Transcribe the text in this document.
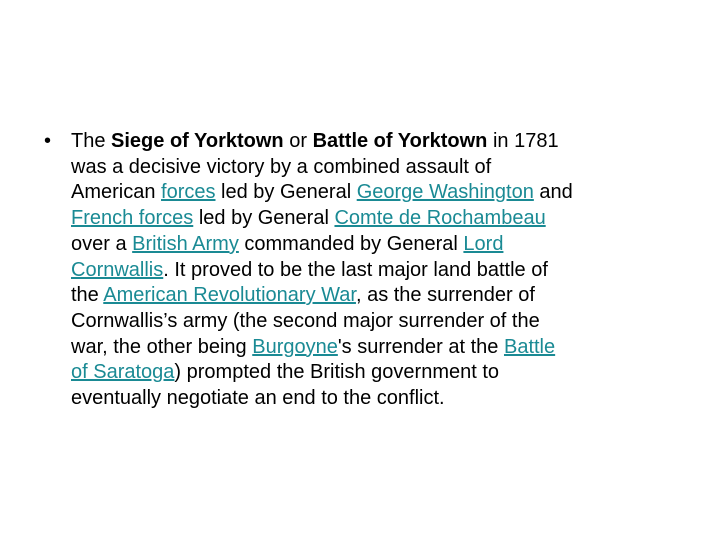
• The Siege of Yorktown or Battle of Yorktown in 1781
was a decisive victory by a combined assault of
American forces led by General George Washington and
French forces led by General Comte de Rochambeau
over a British Army commanded by General Lord
Cornwallis. It proved to be the last major land battle of
the American Revolutionary War, as the surrender of
Cornwallis’s army (the second major surrender of the
war, the other being Burgoyne's surrender at the Battle
of Saratoga) prompted the British government to
eventually negotiate an end to the conflict.
